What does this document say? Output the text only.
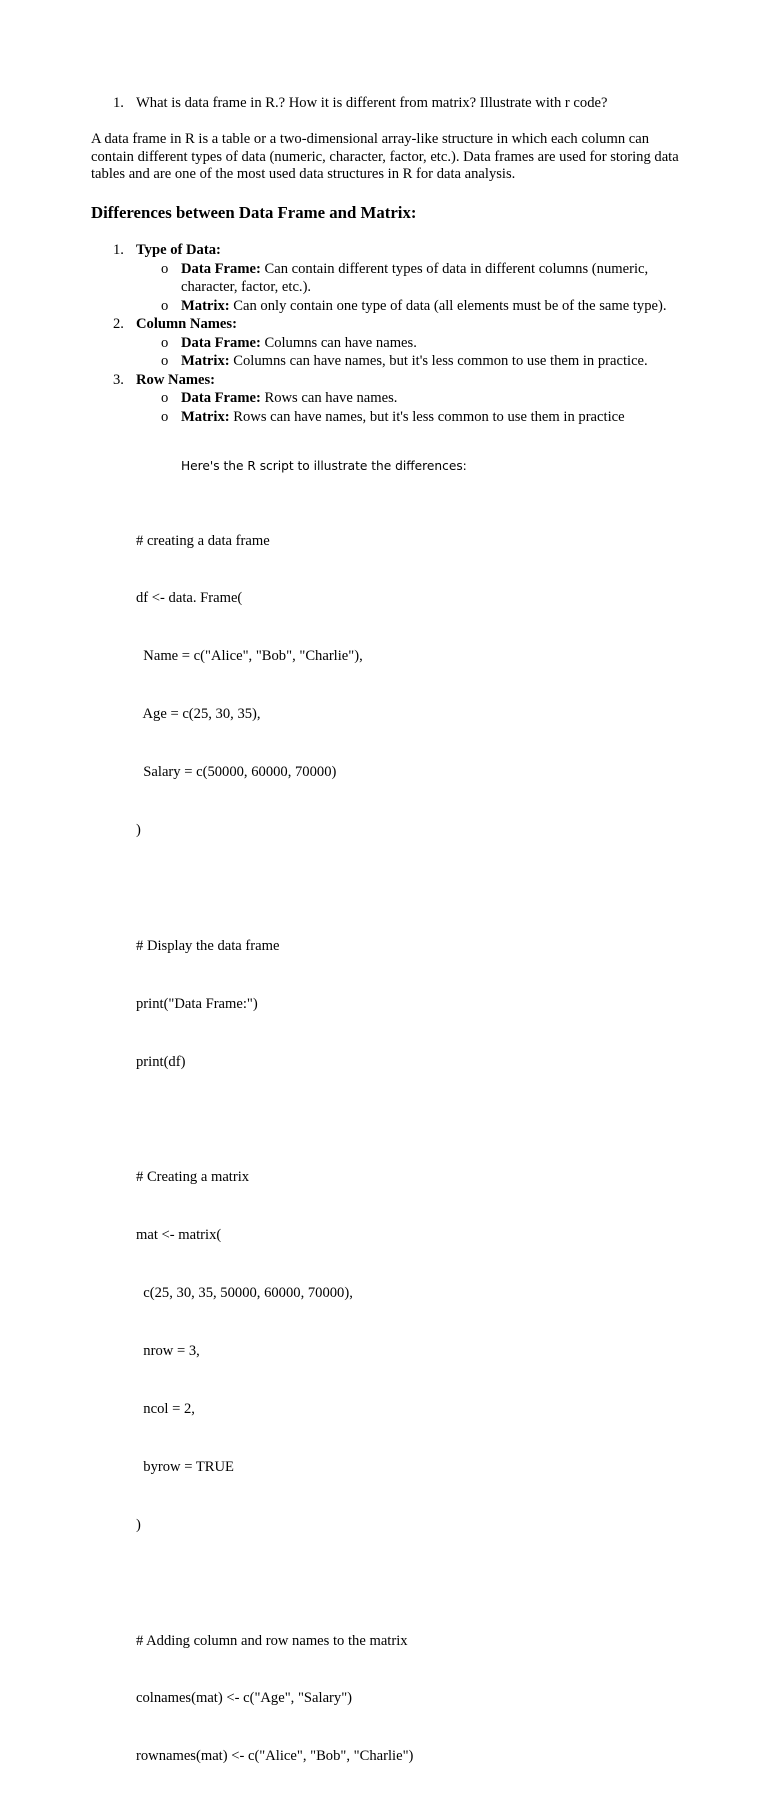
1. What is data frame in R.? How it is different from matrix? Illustrate with r code?
A data frame in R is a table or a two-dimensional array-like structure in which each column can contain different types of data (numeric, character, factor, etc.). Data frames are used for storing data tables and are one of the most used data structures in R for data analysis.
Differences between Data Frame and Matrix:
1. Type of Data:
o Data Frame: Can contain different types of data in different columns (numeric, character, factor, etc.).
o Matrix: Can only contain one type of data (all elements must be of the same type).
2. Column Names:
o Data Frame: Columns can have names.
o Matrix: Columns can have names, but it's less common to use them in practice.
3. Row Names:
o Data Frame: Rows can have names.
o Matrix: Rows can have names, but it's less common to use them in practice
Here's the R script to illustrate the differences:

# creating a data frame

df <- data. Frame(

Name = c("Alice", "Bob", "Charlie"),

Age = c(25, 30, 35),

Salary = c(50000, 60000, 70000)

)

# Display the data frame

print("Data Frame:")

print(df)

# Creating a matrix

mat <- matrix(

c(25, 30, 35, 50000, 60000, 70000),

nrow = 3,

ncol = 2,

byrow = TRUE

)

# Adding column and row names to the matrix

colnames(mat) <- c("Age", "Salary")

rownames(mat) <- c("Alice", "Bob", "Charlie")
